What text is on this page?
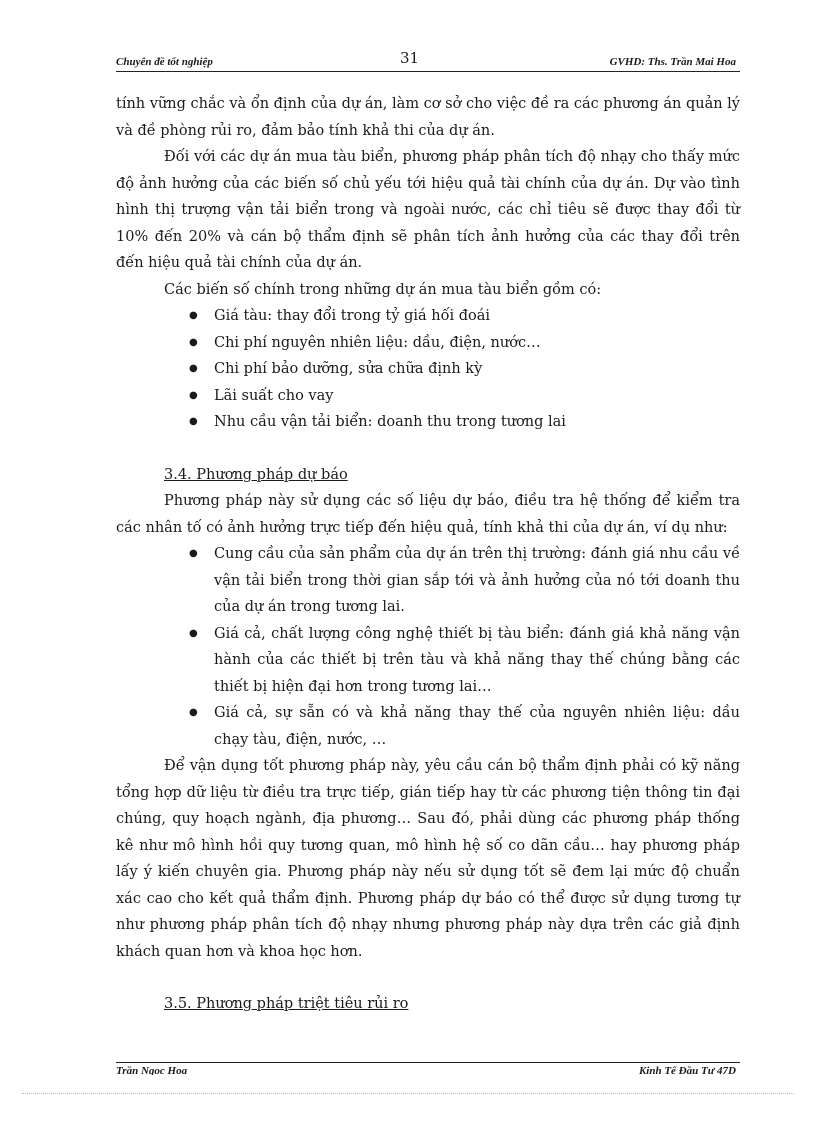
31
Chuyên đề tốt nghiệp	GVHD: Ths. Trần Mai Hoa

tính vững chắc và ổn định của dự án, làm cơ sở cho việc đề ra các phương án quản lý và đề phòng rủi ro, đảm bảo tính khả thi của dự án.

Đối với các dự án mua tàu biển, phương pháp phân tích độ nhạy cho thấy mức độ ảnh hưởng của các biến số chủ yếu tới hiệu quả tài chính của dự án. Dự vào tình hình thị trượng vận tải biển trong và ngoài nước, các chỉ tiêu sẽ được thay đổi từ 10% đến 20% và cán bộ thẩm định sẽ phân tích ảnh hưởng của các thay đổi trên đến hiệu quả tài chính của dự án.

Các biến số chính trong những dự án mua tàu biển gồm có:

● Giá tàu: thay đổi trong tỷ giá hối đoái
● Chi phí nguyên nhiên liệu: dầu, điện, nước…
● Chi phí bảo dưỡng, sửa chữa định kỳ
● Lãi suất cho vay
● Nhu cầu vận tải biển: doanh thu trong tương lai

3.4. Phương pháp dự báo

Phương pháp này sử dụng các số liệu dự báo, điều tra hệ thống để kiểm tra các nhân tố có ảnh hưởng trực tiếp đến hiệu quả, tính khả thi của dự án, ví dụ như:

● Cung cầu của sản phẩm của dự án trên thị trường: đánh giá nhu cầu về vận tải biển trong thời gian sắp tới và ảnh hưởng của nó tới doanh thu của dự án trong tương lai.
● Giá cả, chất lượng công nghệ thiết bị tàu biển: đánh giá khả năng vận hành của các thiết bị trên tàu và khả năng thay thế chúng bằng các thiết bị hiện đại hơn trong tương lai…
● Giá cả, sự sẵn có và khả năng thay thế của nguyên nhiên liệu: dầu chạy tàu, điện, nước, …

Để vận dụng tốt phương pháp này, yêu cầu cán bộ thẩm định phải có kỹ năng tổng hợp dữ liệu từ điều tra trực tiếp, gián tiếp hay từ các phương tiện thông tin đại chúng, quy hoạch ngành, địa phương… Sau đó, phải dùng các phương pháp thống kê như mô hình hồi quy tương quan, mô hình hệ số co dãn cầu… hay phương pháp lấy ý kiến chuyên gia. Phương pháp này nếu sử dụng tốt sẽ đem lại mức độ chuẩn xác cao cho kết quả thẩm định. Phương pháp dự báo có thể được sử dụng tương tự như phương pháp phân tích độ nhạy nhưng phương pháp này dựa trên các giả định khách quan hơn và khoa học hơn.

3.5. Phương pháp triệt tiêu rủi ro

Trần Ngọc Hoa	Kinh Tế Đầu Tư 47D
